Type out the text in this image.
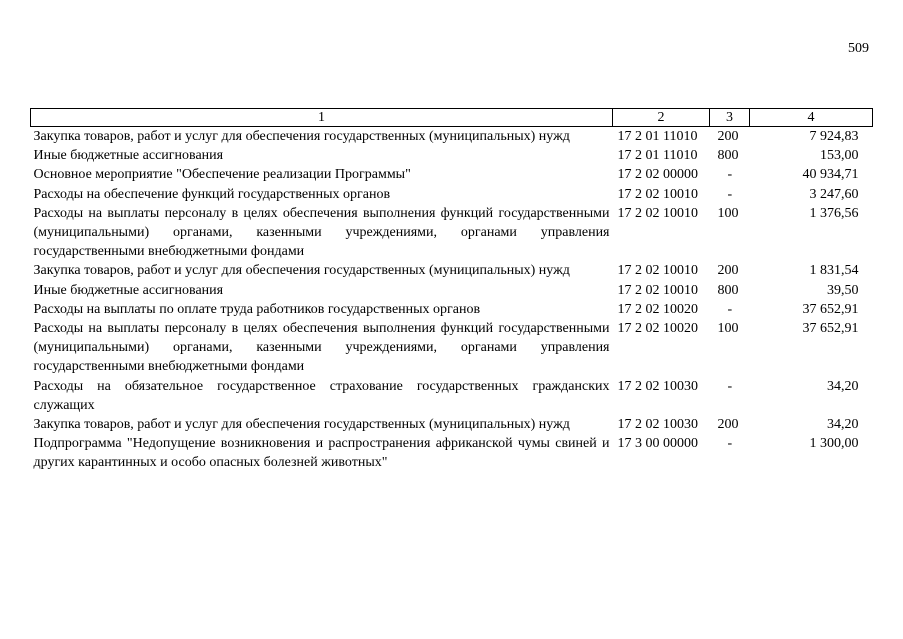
509
1	2	3	4
Закупка товаров, работ и услуг для обеспечения государственных (муниципальных) нужд	17 2 01 11010	200	7 924,83
Иные бюджетные ассигнования	17 2 01 11010	800	153,00
Основное мероприятие "Обеспечение реализации Программы"	17 2 02 00000	-	40 934,71
Расходы на обеспечение функций государственных органов	17 2 02 10010	-	3 247,60
Расходы на выплаты персоналу в целях обеспечения выполнения функций государственными (муниципальными) органами, казенными учреждениями, органами управления государственными внебюджетными фондами	17 2 02 10010	100	1 376,56
Закупка товаров, работ и услуг для обеспечения государственных (муниципальных) нужд	17 2 02 10010	200	1 831,54
Иные бюджетные ассигнования	17 2 02 10010	800	39,50
Расходы на выплаты по оплате труда работников государственных органов	17 2 02 10020	-	37 652,91
Расходы на выплаты персоналу в целях обеспечения выполнения функций государственными (муниципальными) органами, казенными учреждениями, органами управления государственными внебюджетными фондами	17 2 02 10020	100	37 652,91
Расходы на обязательное государственное страхование государственных гражданских служащих	17 2 02 10030	-	34,20
Закупка товаров, работ и услуг для обеспечения государственных (муниципальных) нужд	17 2 02 10030	200	34,20
Подпрограмма "Недопущение возникновения и распространения африканской чумы свиней и других карантинных и особо опасных болезней животных"	17 3 00 00000	-	1 300,00
